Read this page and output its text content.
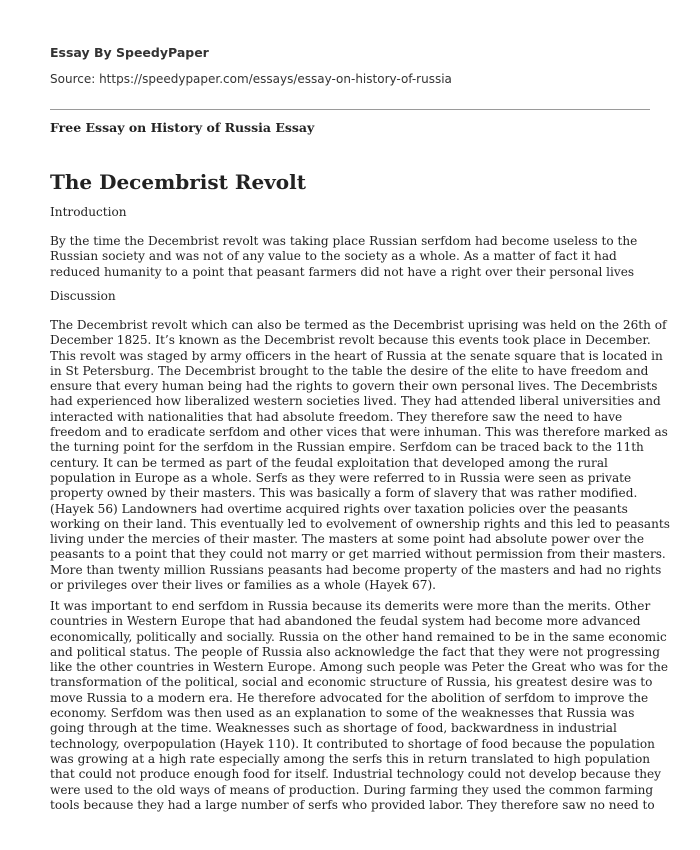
Essay By SpeedyPaper
Source: https://speedypaper.com/essays/essay-on-history-of-russia
Free Essay on History of Russia Essay
The Decembrist Revolt
Introduction
By the time the Decembrist revolt was taking place Russian serfdom had become useless to the
Russian society and was not of any value to the society as a whole. As a matter of fact it had
reduced humanity to a point that peasant farmers did not have a right over their personal lives
Discussion
The Decembrist revolt which can also be termed as the Decembrist uprising was held on the 26th of
December 1825. It’s known as the Decembrist revolt because this events took place in December.
This revolt was staged by army officers in the heart of Russia at the senate square that is located in
in St Petersburg. The Decembrist brought to the table the desire of the elite to have freedom and
ensure that every human being had the rights to govern their own personal lives. The Decembrists
had experienced how liberalized western societies lived. They had attended liberal universities and
interacted with nationalities that had absolute freedom. They therefore saw the need to have
freedom and to eradicate serfdom and other vices that were inhuman. This was therefore marked as
the turning point for the serfdom in the Russian empire. Serfdom can be traced back to the 11th
century. It can be termed as part of the feudal exploitation that developed among the rural
population in Europe as a whole. Serfs as they were referred to in Russia were seen as private
property owned by their masters. This was basically a form of slavery that was rather modified.
(Hayek 56) Landowners had overtime acquired rights over taxation policies over the peasants
working on their land. This eventually led to evolvement of ownership rights and this led to peasants
living under the mercies of their master. The masters at some point had absolute power over the
peasants to a point that they could not marry or get married without permission from their masters.
More than twenty million Russians peasants had become property of the masters and had no rights
or privileges over their lives or families as a whole (Hayek 67).
It was important to end serfdom in Russia because its demerits were more than the merits. Other
countries in Western Europe that had abandoned the feudal system had become more advanced
economically, politically and socially. Russia on the other hand remained to be in the same economic
and political status. The people of Russia also acknowledge the fact that they were not progressing
like the other countries in Western Europe. Among such people was Peter the Great who was for the
transformation of the political, social and economic structure of Russia, his greatest desire was to
move Russia to a modern era. He therefore advocated for the abolition of serfdom to improve the
economy. Serfdom was then used as an explanation to some of the weaknesses that Russia was
going through at the time. Weaknesses such as shortage of food, backwardness in industrial
technology, overpopulation (Hayek 110). It contributed to shortage of food because the population
was growing at a high rate especially among the serfs this in return translated to high population
that could not produce enough food for itself. Industrial technology could not develop because they
were used to the old ways of means of production. During farming they used the common farming
tools because they had a large number of serfs who provided labor. They therefore saw no need to
